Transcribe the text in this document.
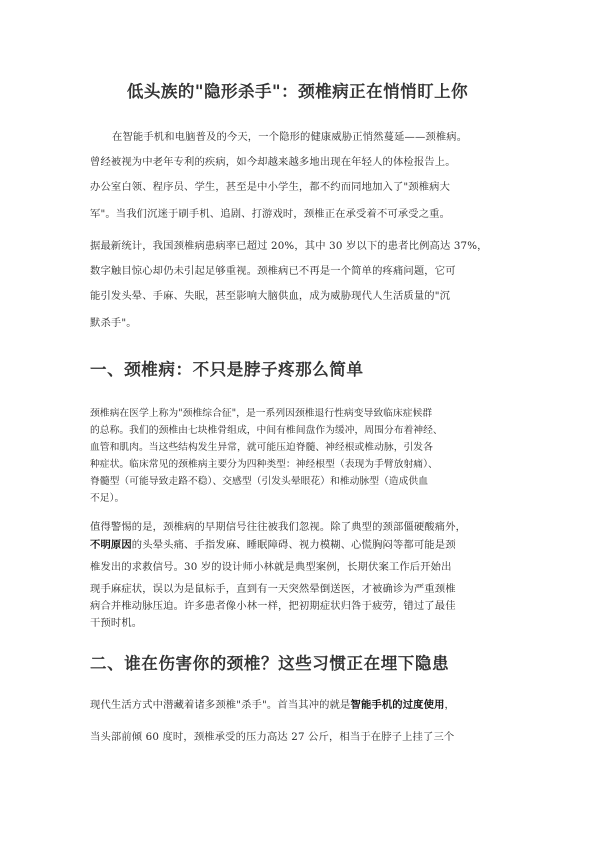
低头族的"隐形杀手"：颈椎病正在悄悄盯上你
在智能手机和电脑普及的今天，一个隐形的健康威胁正悄然蔓延——颈椎病。
曾经被视为中老年专利的疾病，如今却越来越多地出现在年轻人的体检报告上。
办公室白领、程序员、学生，甚至是中小学生，都不约而同地加入了"颈椎病大
军"。当我们沉迷于刷手机、追剧、打游戏时，颈椎正在承受着不可承受之重。
据最新统计，我国颈椎病患病率已超过 20%，其中 30 岁以下的患者比例高达 37%，
数字触目惊心却仍未引起足够重视。颈椎病已不再是一个简单的疼痛问题，它可
能引发头晕、手麻、失眠，甚至影响大脑供血，成为威胁现代人生活质量的"沉
默杀手"。
一、颈椎病：不只是脖子疼那么简单
颈椎病在医学上称为"颈椎综合征"，是一系列因颈椎退行性病变导致临床症候群
的总称。我们的颈椎由七块椎骨组成，中间有椎间盘作为缓冲，周围分布着神经、
血管和肌肉。当这些结构发生异常，就可能压迫脊髓、神经根或椎动脉，引发各
种症状。临床常见的颈椎病主要分为四种类型：神经根型（表现为手臂放射痛）、
脊髓型（可能导致走路不稳）、交感型（引发头晕眼花）和椎动脉型（造成供血
不足）。
值得警惕的是，颈椎病的早期信号往往被我们忽视。除了典型的颈部僵硬酸痛外，
不明原因的头晕头痛、手指发麻、睡眠障碍、视力模糊、心慌胸闷等都可能是颈
椎发出的求救信号。30 岁的设计师小林就是典型案例，长期伏案工作后开始出
现手麻症状，误以为是鼠标手，直到有一天突然晕倒送医，才被确诊为严重颈椎
病合并椎动脉压迫。许多患者像小林一样，把初期症状归咎于疲劳，错过了最佳
干预时机。
二、谁在伤害你的颈椎？这些习惯正在埋下隐患
现代生活方式中潜藏着诸多颈椎"杀手"。首当其冲的就是智能手机的过度使用，
当头部前倾 60 度时，颈椎承受的压力高达 27 公斤，相当于在脖子上挂了三个
